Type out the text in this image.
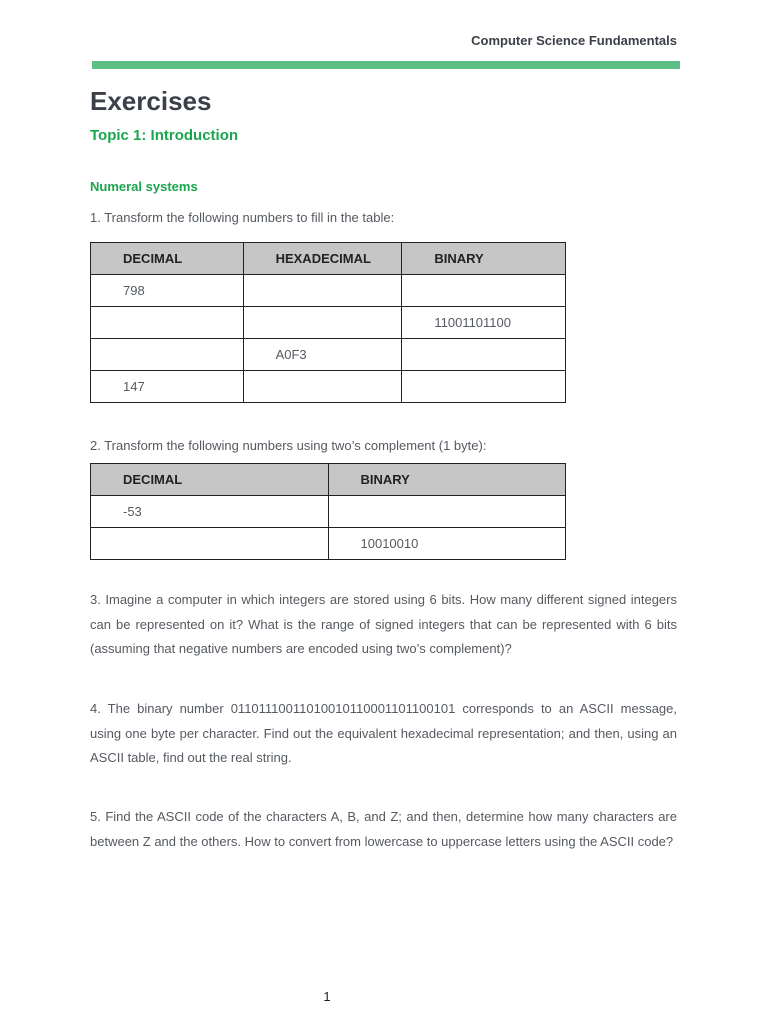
Computer Science Fundamentals
Exercises
Topic 1: Introduction
Numeral systems

1. Transform the following numbers to fill in the table:

DECIMAL	HEXADECIMAL	BINARY
798		
		11001101100
	A0F3	
147		

2. Transform the following numbers using two’s complement (1 byte):

DECIMAL	BINARY
-53	
	10010010

3. Imagine a computer in which integers are stored using 6 bits. How many different signed integers can be represented on it? What is the range of signed integers that can be represented with 6 bits (assuming that negative numbers are encoded using two’s complement)?

4. The binary number 0110111001101001011000110110010​1 corresponds to an ASCII message, using one byte per character. Find out the equivalent hexadecimal representation; and then, using an ASCII table, find out the real string.

5. Find the ASCII code of the characters A, B, and Z; and then, determine how many characters are between Z and the others. How to convert from lowercase to uppercase letters using the ASCII code?

1
